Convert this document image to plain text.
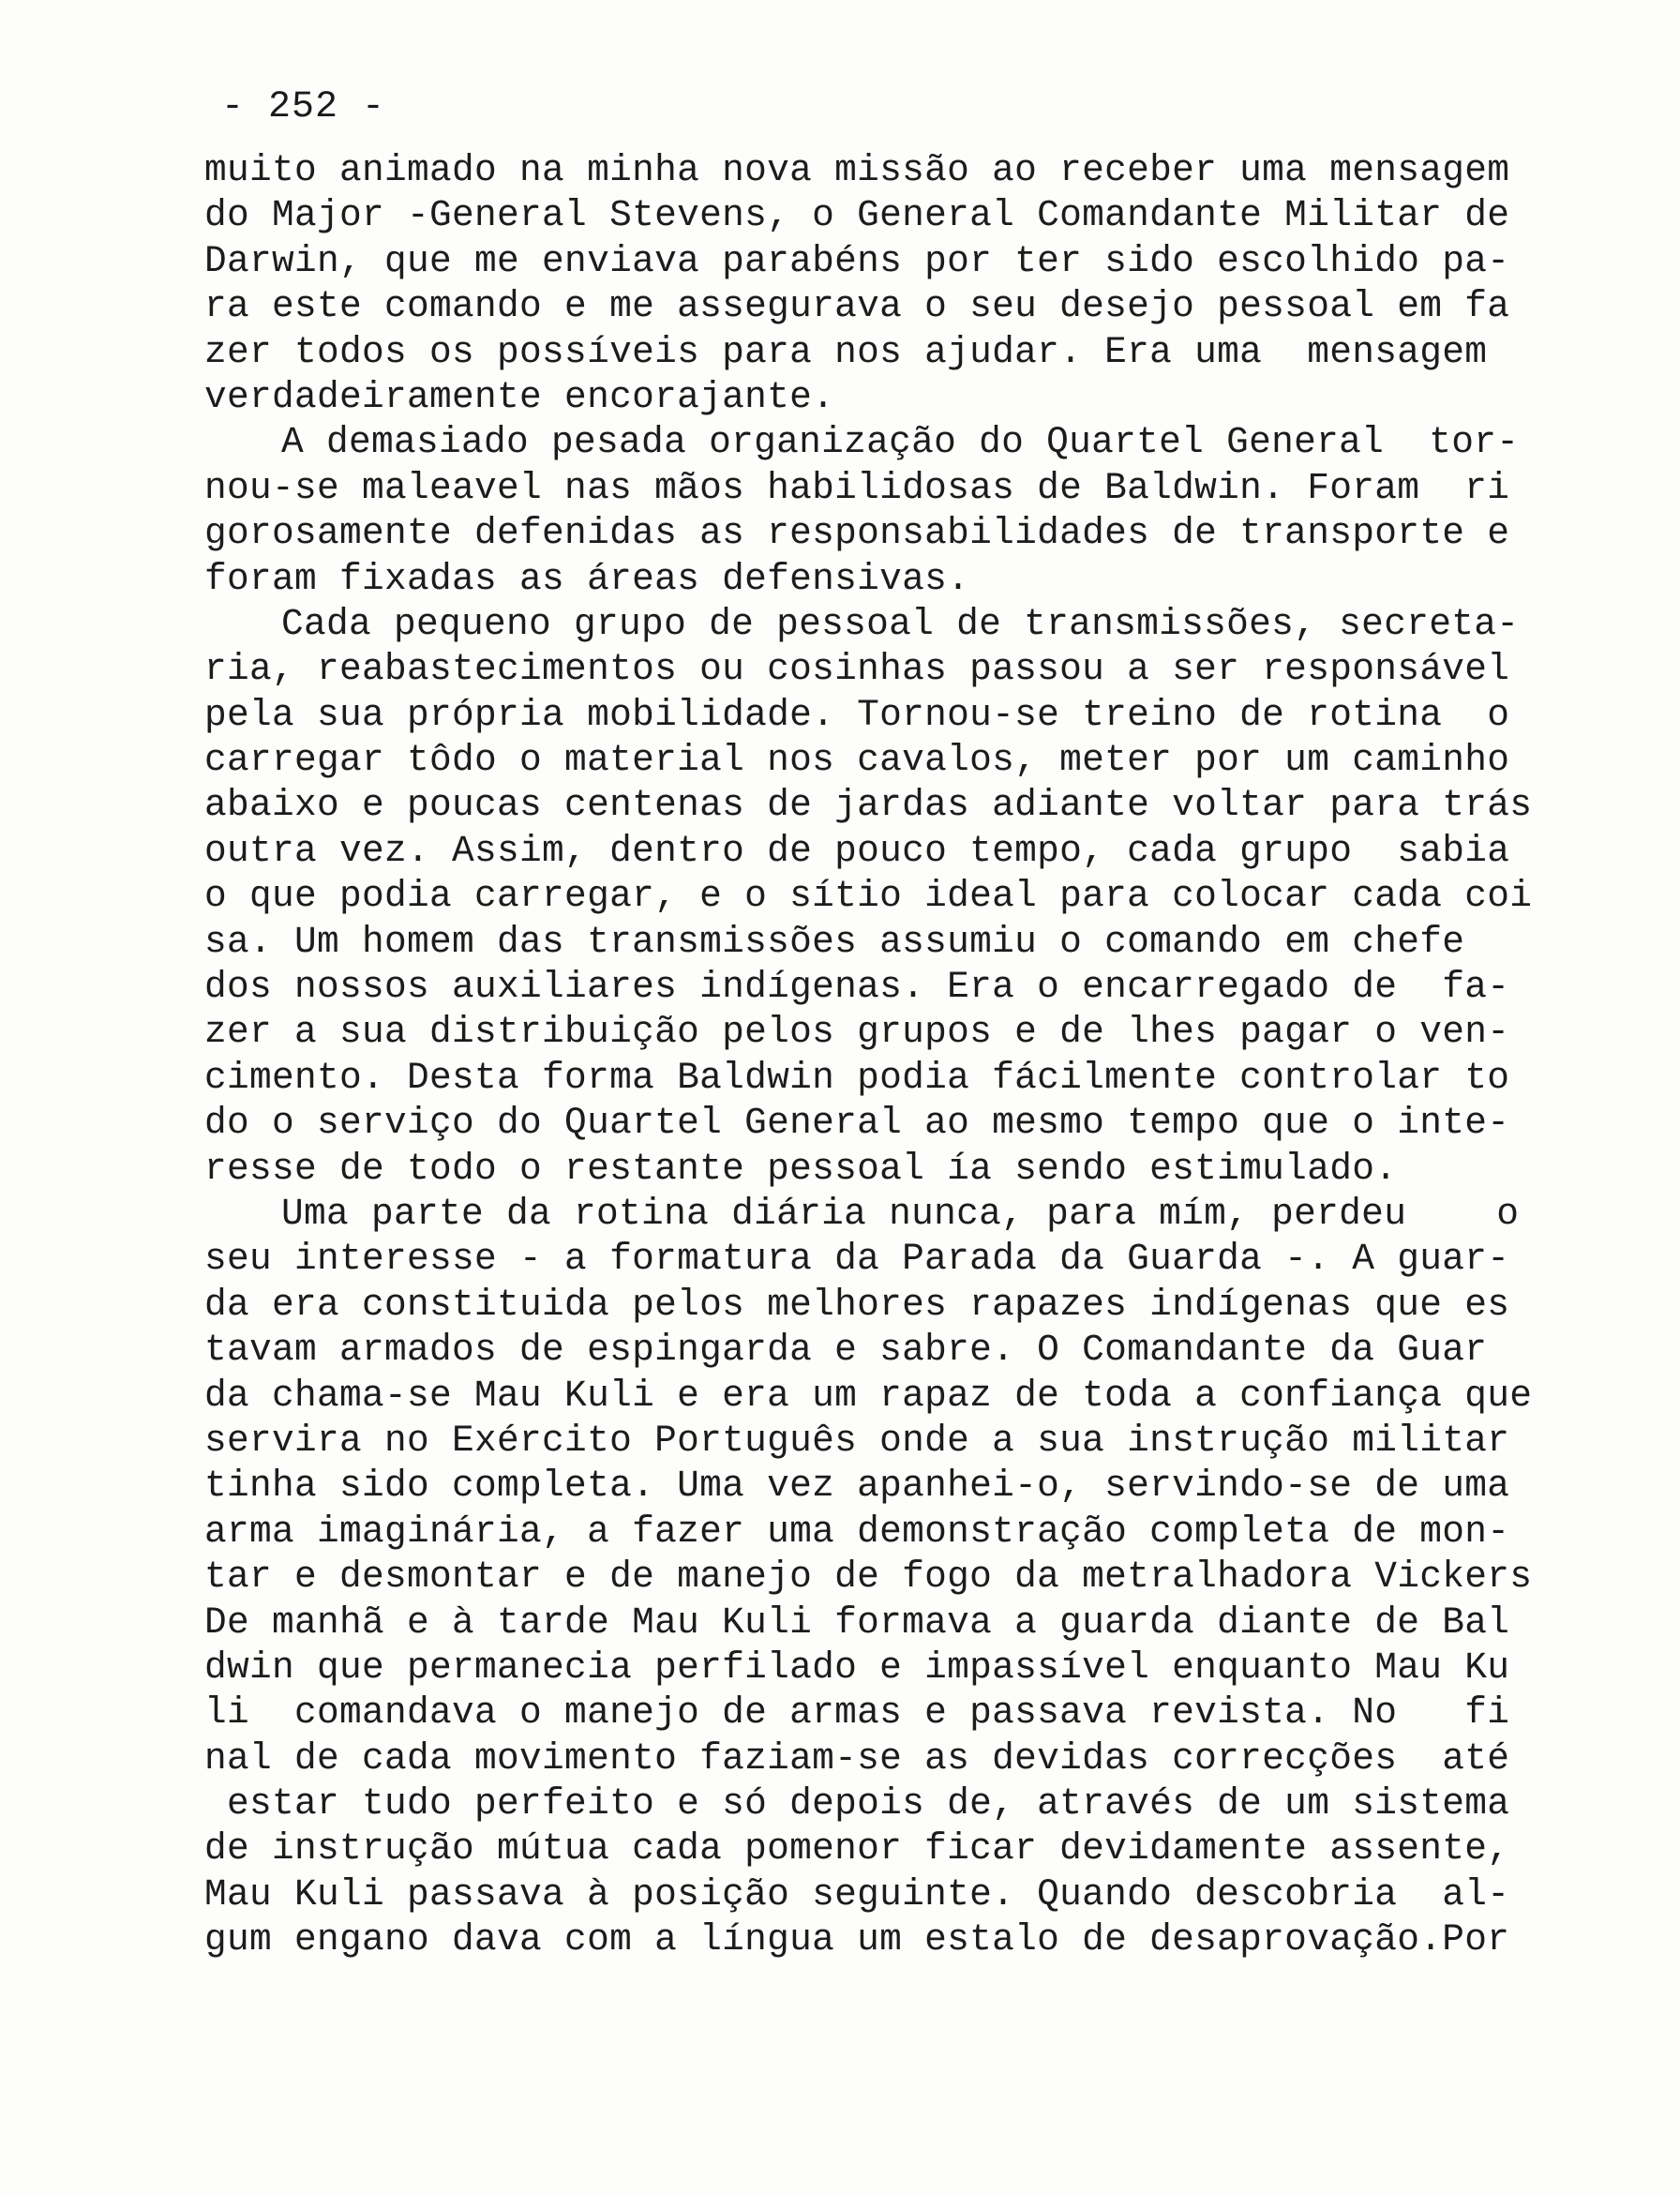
- 252 -
muito animado na minha nova missão ao receber uma mensagem
do Major -General Stevens, o General Comandante Militar de
Darwin, que me enviava parabéns por ter sido escolhido pa-
ra este comando e me assegurava o seu desejo pessoal em fa
zer todos os possíveis para nos ajudar. Era uma  mensagem
verdadeiramente encorajante.
A demasiado pesada organização do Quartel General  tor-
nou-se maleavel nas mãos habilidosas de Baldwin. Foram  ri
gorosamente defenidas as responsabilidades de transporte e
foram fixadas as áreas defensivas.
Cada pequeno grupo de pessoal de transmissões, secreta-
ria, reabastecimentos ou cosinhas passou a ser responsável
pela sua própria mobilidade. Tornou-se treino de rotina  o
carregar tôdo o material nos cavalos, meter por um caminho
abaixo e poucas centenas de jardas adiante voltar para trás
outra vez. Assim, dentro de pouco tempo, cada grupo  sabia
o que podia carregar, e o sítio ideal para colocar cada coi
sa. Um homem das transmissões assumiu o comando em chefe
dos nossos auxiliares indígenas. Era o encarregado de  fa-
zer a sua distribuição pelos grupos e de lhes pagar o ven-
cimento. Desta forma Baldwin podia fácilmente controlar to
do o serviço do Quartel General ao mesmo tempo que o inte-
resse de todo o restante pessoal ía sendo estimulado.
Uma parte da rotina diária nunca, para mím, perdeu    o
seu interesse - a formatura da Parada da Guarda -. A guar-
da era constituida pelos melhores rapazes indígenas que es
tavam armados de espingarda e sabre. O Comandante da Guar
da chama-se Mau Kuli e era um rapaz de toda a confiança que
servira no Exército Português onde a sua instrução militar
tinha sido completa. Uma vez apanhei-o, servindo-se de uma
arma imaginária, a fazer uma demonstração completa de mon-
tar e desmontar e de manejo de fogo da metralhadora Vickers
De manhã e à tarde Mau Kuli formava a guarda diante de Bal
dwin que permanecia perfilado e impassível enquanto Mau Ku
li  comandava o manejo de armas e passava revista. No   fi
nal de cada movimento faziam-se as devidas correcções  até
estar tudo perfeito e só depois de, através de um sistema
de instrução mútua cada pomenor ficar devidamente assente,
Mau Kuli passava à posição seguinte. Quando descobria  al-
gum engano dava com a língua um estalo de desaprovação.Por
